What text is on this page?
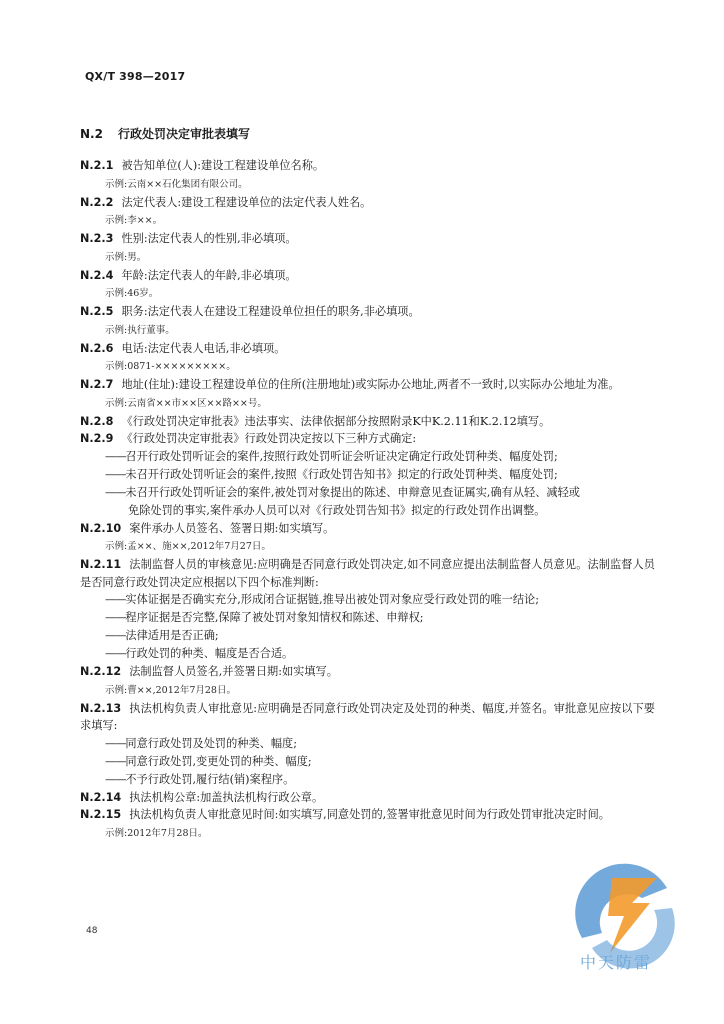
QX/T 398—2017
N.2 行政处罚决定审批表填写
N.2.1 被告知单位(人):建设工程建设单位名称。
示例:云南××石化集团有限公司。
N.2.2 法定代表人:建设工程建设单位的法定代表人姓名。
示例:李××。
N.2.3 性别:法定代表人的性别,非必填项。
示例:男。
N.2.4 年龄:法定代表人的年龄,非必填项。
示例:46岁。
N.2.5 职务:法定代表人在建设工程建设单位担任的职务,非必填项。
示例:执行董事。
N.2.6 电话:法定代表人电话,非必填项。
示例:0871-×××××××××。
N.2.7 地址(住址):建设工程建设单位的住所(注册地址)或实际办公地址,两者不一致时,以实际办公地址为准。
示例:云南省××市××区××路××号。
N.2.8 《行政处罚决定审批表》违法事实、法律依据部分按照附录K中K.2.11和K.2.12填写。
N.2.9 《行政处罚决定审批表》行政处罚决定按以下三种方式确定:
——召开行政处罚听证会的案件,按照行政处罚听证会听证决定确定行政处罚种类、幅度处罚;
——未召开行政处罚听证会的案件,按照《行政处罚告知书》拟定的行政处罚种类、幅度处罚;
——未召开行政处罚听证会的案件,被处罚对象提出的陈述、申辩意见查证属实,确有从轻、减轻或
免除处罚的事实,案件承办人员可以对《行政处罚告知书》拟定的行政处罚作出调整。
N.2.10 案件承办人员签名、签署日期:如实填写。
示例:孟××、施××,2012年7月27日。
N.2.11 法制监督人员的审核意见:应明确是否同意行政处罚决定,如不同意应提出法制监督人员意见。法制监督人员是否同意行政处罚决定应根据以下四个标准判断:
——实体证据是否确实充分,形成闭合证据链,推导出被处罚对象应受行政处罚的唯一结论;
——程序证据是否完整,保障了被处罚对象知情权和陈述、申辩权;
——法律适用是否正确;
——行政处罚的种类、幅度是否合适。
N.2.12 法制监督人员签名,并签署日期:如实填写。
示例:曹××,2012年7月28日。
N.2.13 执法机构负责人审批意见:应明确是否同意行政处罚决定及处罚的种类、幅度,并签名。审批意见应按以下要求填写:
——同意行政处罚及处罚的种类、幅度;
——同意行政处罚,变更处罚的种类、幅度;
——不予行政处罚,履行结(销)案程序。
N.2.14 执法机构公章:加盖执法机构行政公章。
N.2.15 执法机构负责人审批意见时间:如实填写,同意处罚的,签署审批意见时间为行政处罚审批决定时间。
示例:2012年7月28日。
48
中天防雷
